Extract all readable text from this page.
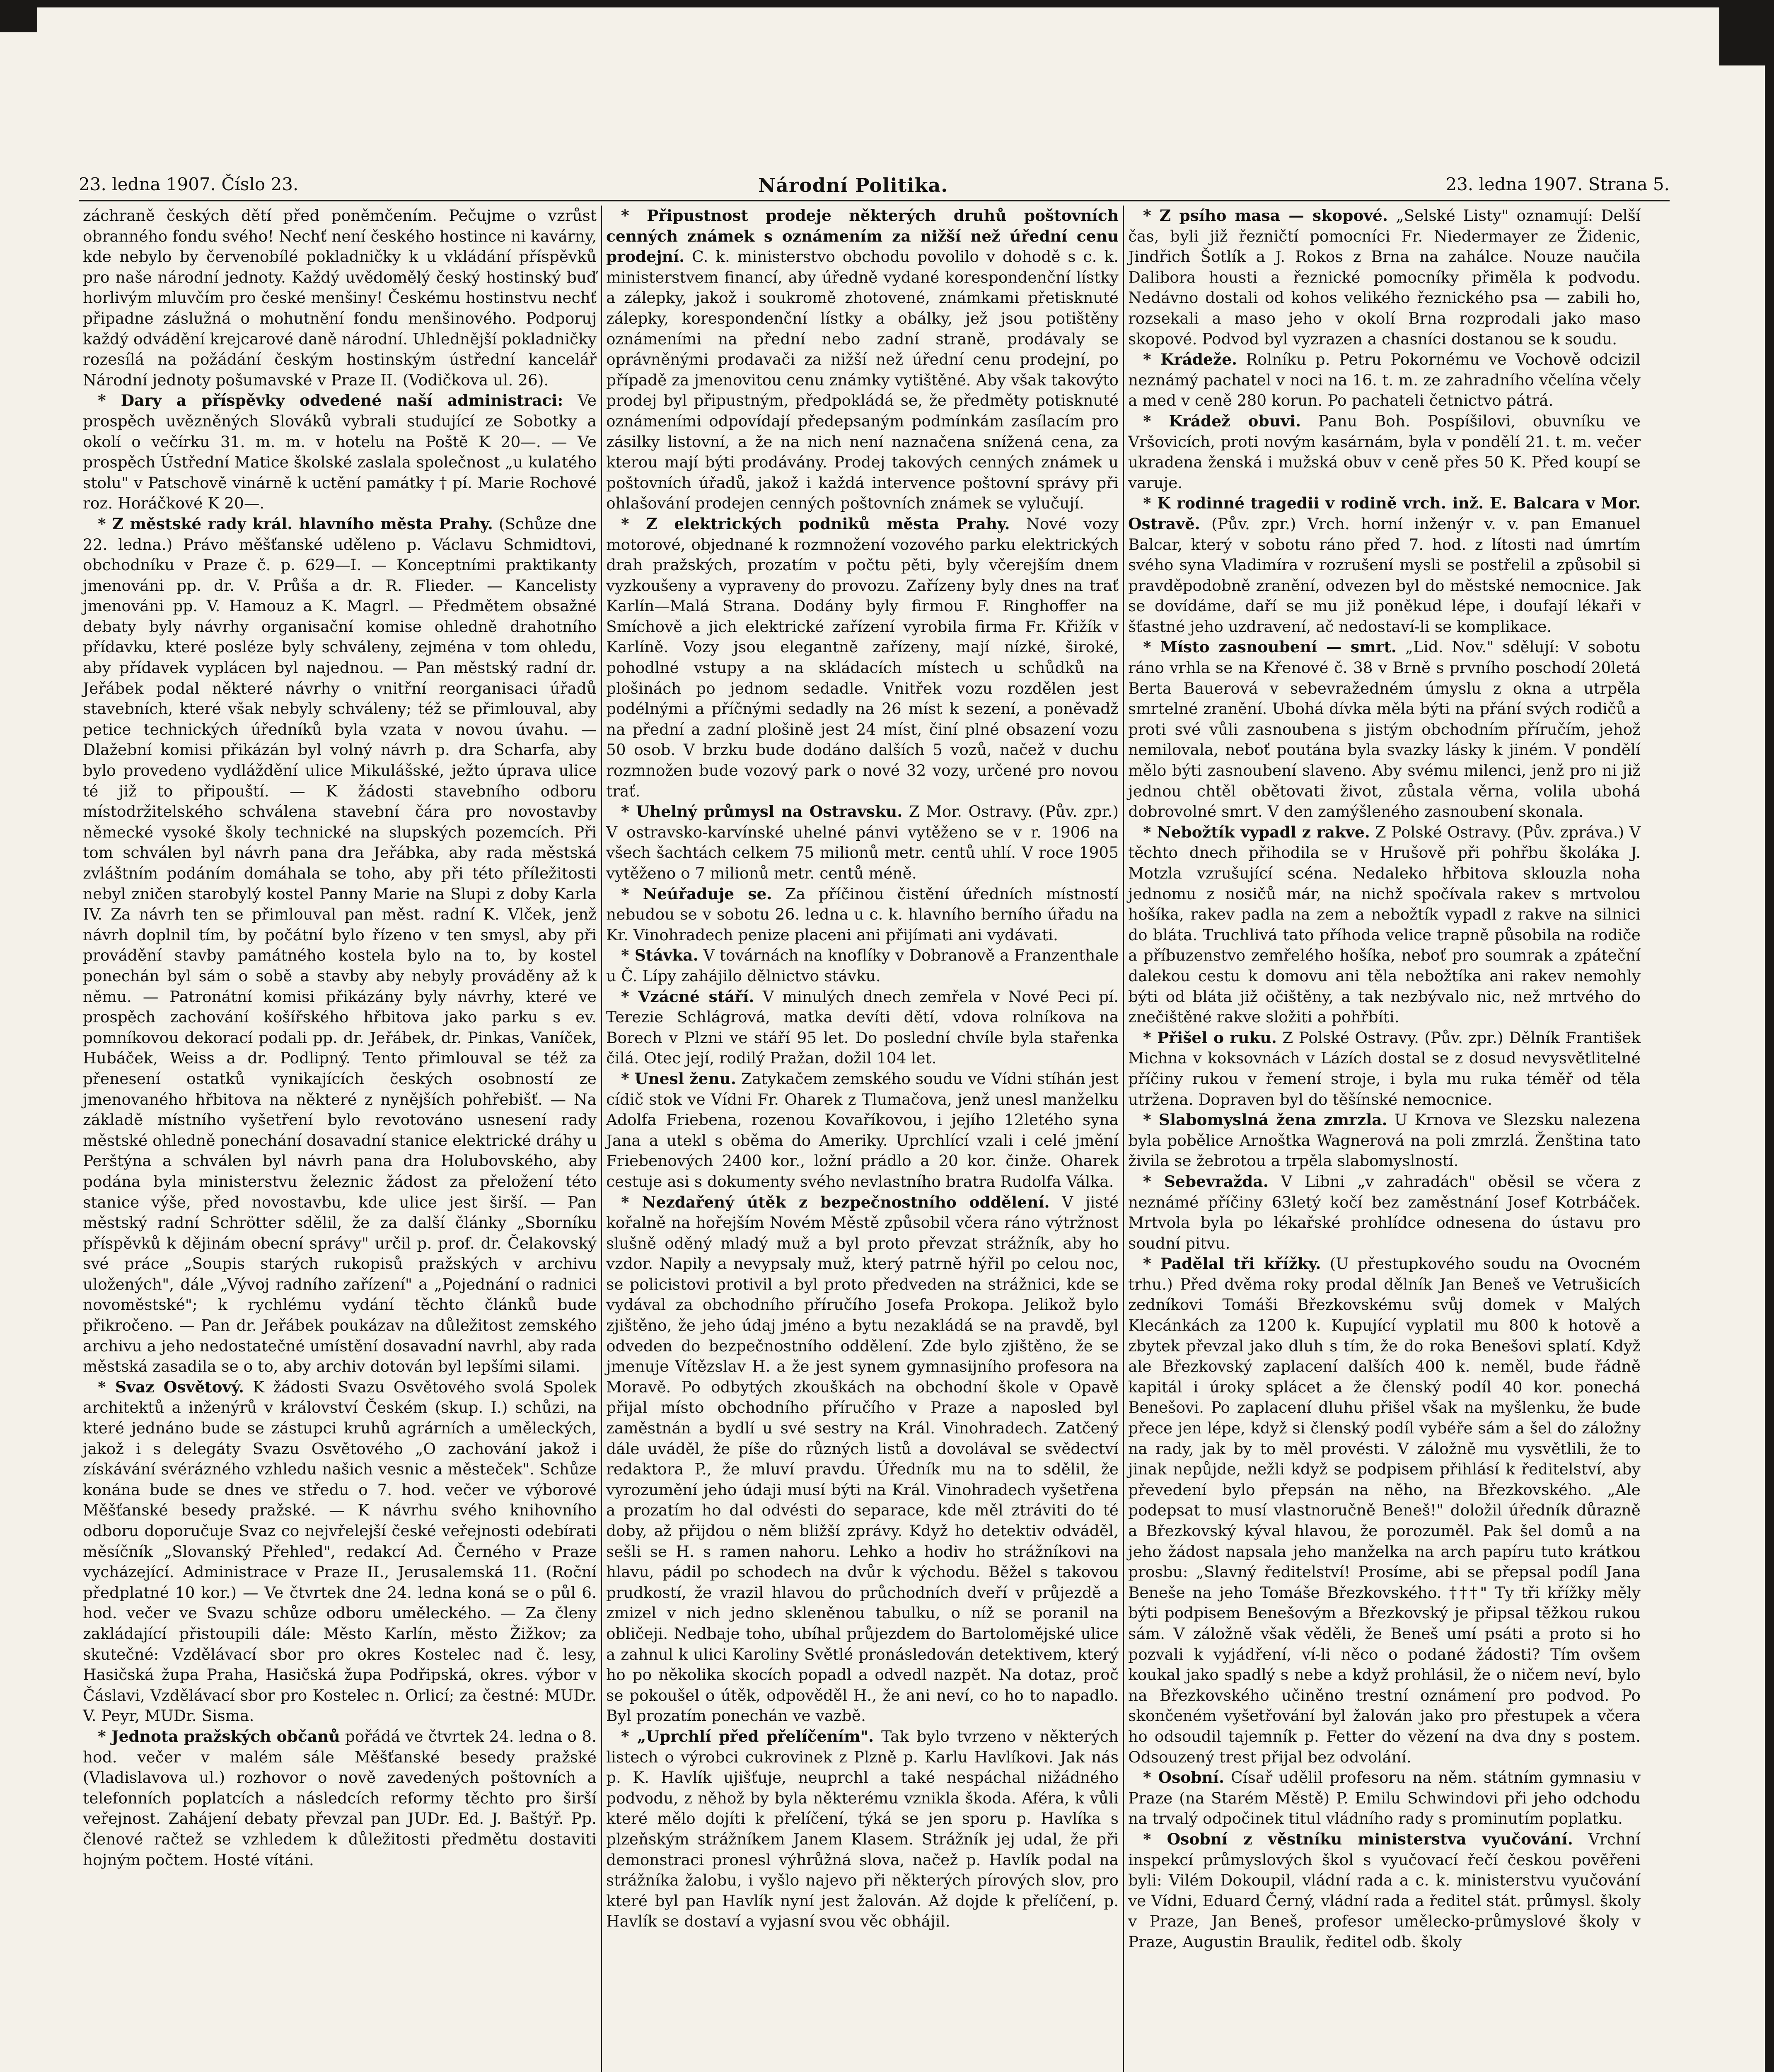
23. ledna 1907. Číslo 23.	Národní Politika.	23. ledna 1907. Strana 5.

záchraně českých dětí před poněmčením. Pečujme o vzrůst obranného fondu svého! Nechť není českého hostince ni kavárny, kde nebylo by červenobílé pokladničky k u vkládání příspěvků pro naše národní jednoty. Každý uvědomělý český hostinský buď horlivým mluvčím pro české menšiny! Českému hostinstvu nechť připadne záslužná o mohutnění fondu menšinového. Podporuj každý odvádění krejcarové daně národní. Uhlednější pokladničky rozesílá na požádání českým hostinským ústřední kancelář Národní jednoty pošumavské v Praze II. (Vodičkova ul. 26).

* Dary a příspěvky odvedené naší administraci: Ve prospěch uvězněných Slováků vybrali studující ze Sobotky a okolí o večírku 31. m. m. v hotelu na Poště K 20—. — Ve prospěch Ústřední Matice školské zaslala společnost „u kulatého stolu" v Patschově vinárně k uctění památky † pí. Marie Rochové roz. Horáčkové K 20—.

* Z městské rady král. hlavního města Prahy. (Schůze dne 22. ledna.) Právo měšťanské uděleno p. Václavu Schmidtovi, obchodníku v Praze č. p. 629—I. — Konceptními praktikanty jmenováni pp. dr. V. Průša a dr. R. Flieder. — Kancelisty jmenováni pp. V. Hamouz a K. Magrl. — Předmětem obsažné debaty byly návrhy organisační komise ohledně drahotního přídavku, které posléze byly schváleny, zejména v tom ohledu, aby přídavek vyplácen byl najednou. — Pan městský radní dr. Jeřábek podal některé návrhy o vnitřní reorganisaci úřadů stavebních, které však nebyly schváleny; též se přimlouval, aby petice technických úředníků byla vzata v novou úvahu. — Dlažební komisi přikázán byl volný návrh p. dra Scharfa, aby bylo provedeno vydláždění ulice Mikulášské, ježto úprava ulice té již to připouští. — K žádosti stavebního odboru místodržitelského schválena stavební čára pro novostavby německé vysoké školy technické na slupských pozemcích. Při tom schválen byl návrh pana dra Jeřábka, aby rada městská zvláštním podáním domáhala se toho, aby při této příležitosti nebyl zničen starobylý kostel Panny Marie na Slupi z doby Karla IV. Za návrh ten se přimlouval pan měst. radní K. Vlček, jenž návrh doplnil tím, by počátní bylo řízeno v ten smysl, aby při provádění stavby památného kostela bylo na to, by kostel ponechán byl sám o sobě a stavby aby nebyly prováděny až k němu. — Patronátní komisi přikázány byly návrhy, které ve prospěch zachování košířského hřbitova jako parku s ev. pomníkovou dekorací podali pp. dr. Jeřábek, dr. Pinkas, Vaníček, Hubáček, Weiss a dr. Podlipný. Tento přimlouval se též za přenesení ostatků vynikajících českých osobností ze jmenovaného hřbitova na některé z nynějších pohřebišť. — Na základě místního vyšetření bylo revotováno usnesení rady městské ohledně ponechání dosavadní stanice elektrické dráhy u Perštýna a schválen byl návrh pana dra Holubovského, aby podána byla ministerstvu železnic žádost za přeložení této stanice výše, před novostavbu, kde ulice jest širší. — Pan městský radní Schrötter sdělil, že za další články „Sborníku příspěvků k dějinám obecní správy" určil p. prof. dr. Čelakovský své práce „Soupis starých rukopisů pražských v archivu uložených", dále „Vývoj radního zařízení" a „Pojednání o radnici novoměstské"; k rychlému vydání těchto článků bude přikročeno. — Pan dr. Jeřábek poukázav na důležitost zemského archivu a jeho nedostatečné umístění dosavadní navrhl, aby rada městská zasadila se o to, aby archiv dotován byl lepšími silami.

* Svaz Osvětový. K žádosti Svazu Osvětového svolá Spolek architektů a inženýrů v království Českém (skup. I.) schůzi, na které jednáno bude se zástupci kruhů agrárních a uměleckých, jakož i s delegáty Svazu Osvětového „O zachování jakož i získávání svérázného vzhledu našich vesnic a městeček". Schůze konána bude se dnes ve středu o 7. hod. večer ve výborové Měšťanské besedy pražské. — K návrhu svého knihovního odboru doporučuje Svaz co nejvřelejší české veřejnosti odebírati měsíčník „Slovanský Přehled", redakcí Ad. Černého v Praze vycházející. Administrace v Praze II., Jerusalemská 11. (Roční předplatné 10 kor.) — Ve čtvrtek dne 24. ledna koná se o půl 6. hod. večer ve Svazu schůze odboru uměleckého. — Za členy zakládající přistoupili dále: Město Karlín, město Žižkov; za skutečné: Vzdělávací sbor pro okres Kostelec nad č. lesy, Hasičská župa Praha, Hasičská župa Podřipská, okres. výbor v Čáslavi, Vzdělávací sbor pro Kostelec n. Orlicí; za čestné: MUDr. V. Peyr, MUDr. Sisma.

* Jednota pražských občanů pořádá ve čtvrtek 24. ledna o 8. hod. večer v malém sále Měšťanské besedy pražské (Vladislavova ul.) rozhovor o nově zavedených poštovních a telefonních poplatcích a následcích reformy těchto pro širší veřejnost. Zahájení debaty převzal pan JUDr. Ed. J. Baštýř. Pp. členové račtež se vzhledem k důležitosti předmětu dostaviti hojným počtem. Hosté vítáni.

* Připustnost prodeje některých druhů poštovních cenných známek s oznámením za nižší než úřední cenu prodejní. C. k. ministerstvo obchodu povolilo v dohodě s c. k. ministerstvem financí, aby úředně vydané korespondenční lístky a zálepky, jakož i soukromě zhotovené, známkami přetisknuté zálepky, korespondenční lístky a obálky, jež jsou potištěny oznámeními na přední nebo zadní straně, prodávaly se oprávněnými prodavači za nižší než úřední cenu prodejní, po případě za jmenovitou cenu známky vytištěné. Aby však takovýto prodej byl připustným, předpokládá se, že předměty potisknuté oznámeními odpovídají předepsaným podmínkám zasílacím pro zásilky listovní, a že na nich není naznačena snížená cena, za kterou mají býti prodávány. Prodej takových cenných známek u poštovních úřadů, jakož i každá intervence poštovní správy při ohlašování prodejen cenných poštovních známek se vylučují.

* Z elektrických podniků města Prahy. Nové vozy motorové, objednané k rozmnožení vozového parku elektrických drah pražských, prozatím v počtu pěti, byly včerejším dnem vyzkoušeny a vypraveny do provozu. Zařízeny byly dnes na trať Karlín—Malá Strana. Dodány byly firmou F. Ringhoffer na Smíchově a jich elektrické zařízení vyrobila firma Fr. Křižík v Karlíně. Vozy jsou elegantně zařízeny, mají nízké, široké, pohodlné vstupy a na skládacích místech u schůdků na plošinách po jednom sedadle. Vnitřek vozu rozdělen jest podélnými a příčnými sedadly na 26 míst k sezení, a poněvadž na přední a zadní plošině jest 24 míst, činí plné obsazení vozu 50 osob. V brzku bude dodáno dalších 5 vozů, načež v duchu rozmnožen bude vozový park o nové 32 vozy, určené pro novou trať.

* Uhelný průmysl na Ostravsku. Z Mor. Ostravy. (Pův. zpr.) V ostravsko-karvínské uhelné pánvi vytěženo se v r. 1906 na všech šachtách celkem 75 milionů metr. centů uhlí. V roce 1905 vytěženo o 7 milionů metr. centů méně.

* Neúřaduje se. Za příčinou čistění úředních místností nebudou se v sobotu 26. ledna u c. k. hlavního berního úřadu na Kr. Vinohradech penize placeni ani přijímati ani vydávati.

* Stávka. V továrnách na knoflíky v Dobranově a Franzenthale u Č. Lípy zahájilo dělnictvo stávku.

* Vzácné stáří. V minulých dnech zemřela v Nové Peci pí. Terezie Schlágrová, matka devíti dětí, vdova rolníkova na Borech v Plzni ve stáří 95 let. Do poslední chvíle byla stařenka čilá. Otec její, rodilý Pražan, dožil 104 let.

* Unesl ženu. Zatykačem zemského soudu ve Vídni stíhán jest cídič stok ve Vídni Fr. Oharek z Tlumačova, jenž unesl manželku Adolfa Friebena, rozenou Kovaříkovou, i jejího 12letého syna Jana a utekl s oběma do Ameriky. Uprchlící vzali i celé jmění Friebenových 2400 kor., ložní prádlo a 20 kor. činže. Oharek cestuje asi s dokumenty svého nevlastního bratra Rudolfa Válka.

* Nezdařený útěk z bezpečnostního oddělení. V jisté kořalně na hořejším Novém Městě způsobil včera ráno výtržnost slušně oděný mladý muž a byl proto převzat strážník, aby ho vzdor. Napily a nevypsaly muž, který patrně hýřil po celou noc, se policistovi protivil a byl proto předveden na strážnici, kde se vydával za obchodního příručího Josefa Prokopa. Jelikož bylo zjištěno, že jeho údaj jméno a bytu nezakládá se na pravdě, byl odveden do bezpečnostního oddělení. Zde bylo zjištěno, že se jmenuje Vítězslav H. a že jest synem gymnasijního profesora na Moravě. Po odbytých zkouškách na obchodní škole v Opavě přijal místo obchodního příručího v Praze a naposled byl zaměstnán a bydlí u své sestry na Král. Vinohradech. Zatčený dále uváděl, že píše do různých listů a dovolával se svědectví redaktora P., že mluví pravdu. Úředník mu na to sdělil, že vyrozumění jeho údaji musí býti na Král. Vinohradech vyšetřena a prozatím ho dal odvésti do separace, kde měl ztráviti do té doby, až přijdou o něm bližší zprávy. Když ho detektiv odváděl, sešli se H. s ramen nahoru. Lehko a hodiv ho strážníkovi na hlavu, pádil po schodech na dvůr k východu. Běžel s takovou prudkostí, že vrazil hlavou do průchodních dveří v průjezdě a zmizel v nich jedno skleněnou tabulku, o níž se poranil na obličeji. Nedbaje toho, ubíhal průjezdem do Bartolomějské ulice a zahnul k ulici Karoliny Světlé pronásledován detektivem, který ho po několika skocích popadl a odvedl nazpět. Na dotaz, proč se pokoušel o útěk, odpověděl H., že ani neví, co ho to napadlo. Byl prozatím ponechán ve vazbě.

* „Uprchlí před přelíčením". Tak bylo tvrzeno v některých listech o výrobci cukrovinek z Plzně p. Karlu Havlíkovi. Jak nás p. K. Havlík ujišťuje, neuprchl a také nespáchal nižádného podvodu, z něhož by byla některému vznikla škoda. Aféra, k vůli které mělo dojíti k přelíčení, týká se jen sporu p. Havlíka s plzeňským strážníkem Janem Klasem. Strážník jej udal, že při demonstraci pronesl výhrůžná slova, načež p. Havlík podal na strážníka žalobu, i vyšlo najevo při některých pírových slov, pro které byl pan Havlík nyní jest žalován. Až dojde k přelíčení, p. Havlík se dostaví a vyjasní svou věc obhájil.

* Z psího masa — skopové. „Selské Listy" oznamují: Delší čas, byli již řezničtí pomocníci Fr. Niedermayer ze Židenic, Jindřich Šotlík a J. Rokos z Brna na zahálce. Nouze naučila Dalibora housti a řeznické pomocníky přiměla k podvodu. Nedávno dostali od kohos velikého řeznického psa — zabili ho, rozsekali a maso jeho v okolí Brna rozprodali jako maso skopové. Podvod byl vyzrazen a chasníci dostanou se k soudu.

* Krádeže. Rolníku p. Petru Pokornému ve Vochově odcizil neznámý pachatel v noci na 16. t. m. ze zahradního včelína včely a med v ceně 280 korun. Po pachateli četnictvo pátrá.

* Krádež obuvi. Panu Boh. Pospíšilovi, obuvníku ve Vršovicích, proti novým kasárnám, byla v pondělí 21. t. m. večer ukradena ženská i mužská obuv v ceně přes 50 K. Před koupí se varuje.

* K rodinné tragedii v rodině vrch. inž. E. Balcara v Mor. Ostravě. (Pův. zpr.) Vrch. horní inženýr v. v. pan Emanuel Balcar, který v sobotu ráno před 7. hod. z lítosti nad úmrtím svého syna Vladimíra v rozrušení mysli se postřelil a způsobil si pravděpodobně zranění, odvezen byl do městské nemocnice. Jak se dovídáme, daří se mu již poněkud lépe, i doufají lékaři v šťastné jeho uzdravení, ač nedostaví-li se komplikace.

* Místo zasnoubení — smrt. „Lid. Nov." sdělují: V sobotu ráno vrhla se na Křenové č. 38 v Brně s prvního poschodí 20letá Berta Bauerová v sebevražedném úmyslu z okna a utrpěla smrtelné zranění. Ubohá dívka měla býti na přání svých rodičů a proti své vůli zasnoubena s jistým obchodním příručím, jehož nemilovala, neboť poutána byla svazky lásky k jiném. V pondělí mělo býti zasnoubení slaveno. Aby svému milenci, jenž pro ni již jednou chtěl obětovati život, zůstala věrna, volila ubohá dobrovolné smrt. V den zamýšleného zasnoubení skonala.

* Nebožtík vypadl z rakve. Z Polské Ostravy. (Pův. zpráva.) V těchto dnech přihodila se v Hrušově při pohřbu školáka J. Motzla vzrušující scéna. Nedaleko hřbitova sklouzla noha jednomu z nosičů már, na nichž spočívala rakev s mrtvolou hošíka, rakev padla na zem a nebožtík vypadl z rakve na silnici do bláta. Truchlivá tato příhoda velice trapně působila na rodiče a příbuzenstvo zemřelého hošíka, neboť pro soumrak a zpáteční dalekou cestu k domovu ani těla nebožtíka ani rakev nemohly býti od bláta již očištěny, a tak nezbývalo nic, než mrtvého do znečištěné rakve složiti a pohřbíti.

* Přišel o ruku. Z Polské Ostravy. (Pův. zpr.) Dělník František Michna v koksovnách v Lázích dostal se z dosud nevysvětlitelné příčiny rukou v řemení stroje, i byla mu ruka téměř od těla utržena. Dopraven byl do těšínské nemocnice.

* Slabomyslná žena zmrzla. U Krnova ve Slezsku nalezena byla pobělice Arnoštka Wagnerová na poli zmrzlá. Ženština tato živila se žebrotou a trpěla slabomyslností.

* Sebevražda. V Libni „v zahradách" oběsil se včera z neznámé příčiny 63letý kočí bez zaměstnání Josef Kotrbáček. Mrtvola byla po lékařské prohlídce odnesena do ústavu pro soudní pitvu.

* Padělal tři křížky. (U přestupkového soudu na Ovocném trhu.) Před dvěma roky prodal dělník Jan Beneš ve Vetrušicích zedníkovi Tomáši Březkovskému svůj domek v Malých Klecánkách za 1200 k. Kupující vyplatil mu 800 k hotově a zbytek převzal jako dluh s tím, že do roka Benešovi splatí. Když ale Březkovský zaplacení dalších 400 k. neměl, bude řádně kapitál i úroky splácet a že členský podíl 40 kor. ponechá Benešovi. Po zaplacení dluhu přišel však na myšlenku, že bude přece jen lépe, když si členský podíl vybéře sám a šel do záložny na rady, jak by to měl provésti. V záložně mu vysvětlili, že to jinak nepůjde, nežli když se podpisem přihlásí k ředitelství, aby převedení bylo přepsán na něho, na Březkovského. „Ale podepsat to musí vlastnoručně Beneš!" doložil úředník důrazně a Březkovský kýval hlavou, že porozuměl. Pak šel domů a na jeho žádost napsala jeho manželka na arch papíru tuto krátkou prosbu: „Slavný ředitelství! Prosíme, abi se přepsal podíl Jana Beneše na jeho Tomáše Březkovského. †††" Ty tři křížky měly býti podpisem Benešovým a Březkovský je připsal těžkou rukou sám. V záložně však věděli, že Beneš umí psáti a proto si ho pozvali k vyjádření, ví-li něco o podané žádosti? Tím ovšem koukal jako spadlý s nebe a když prohlásil, že o ničem neví, bylo na Březkovského učiněno trestní oznámení pro podvod. Po skončeném vyšetřování byl žalován jako pro přestupek a včera ho odsoudil tajemník p. Fetter do vězení na dva dny s postem. Odsouzený trest přijal bez odvolání.

* Osobní. Císař udělil profesoru na něm. státním gymnasiu v Praze (na Starém Městě) P. Emilu Schwindovi při jeho odchodu na trvalý odpočinek titul vládního rady s prominutím poplatku.

* Osobní z věstníku ministerstva vyučování. Vrchní inspekcí průmyslových škol s vyučovací řečí českou pověřeni byli: Vilém Dokoupil, vládní rada a c. k. ministerstvu vyučování ve Vídni, Eduard Černý, vládní rada a ředitel stát. průmysl. školy v Praze, Jan Beneš, profesor umělecko-průmyslové školy v Praze, Augustin Braulik, ředitel odb. školy
